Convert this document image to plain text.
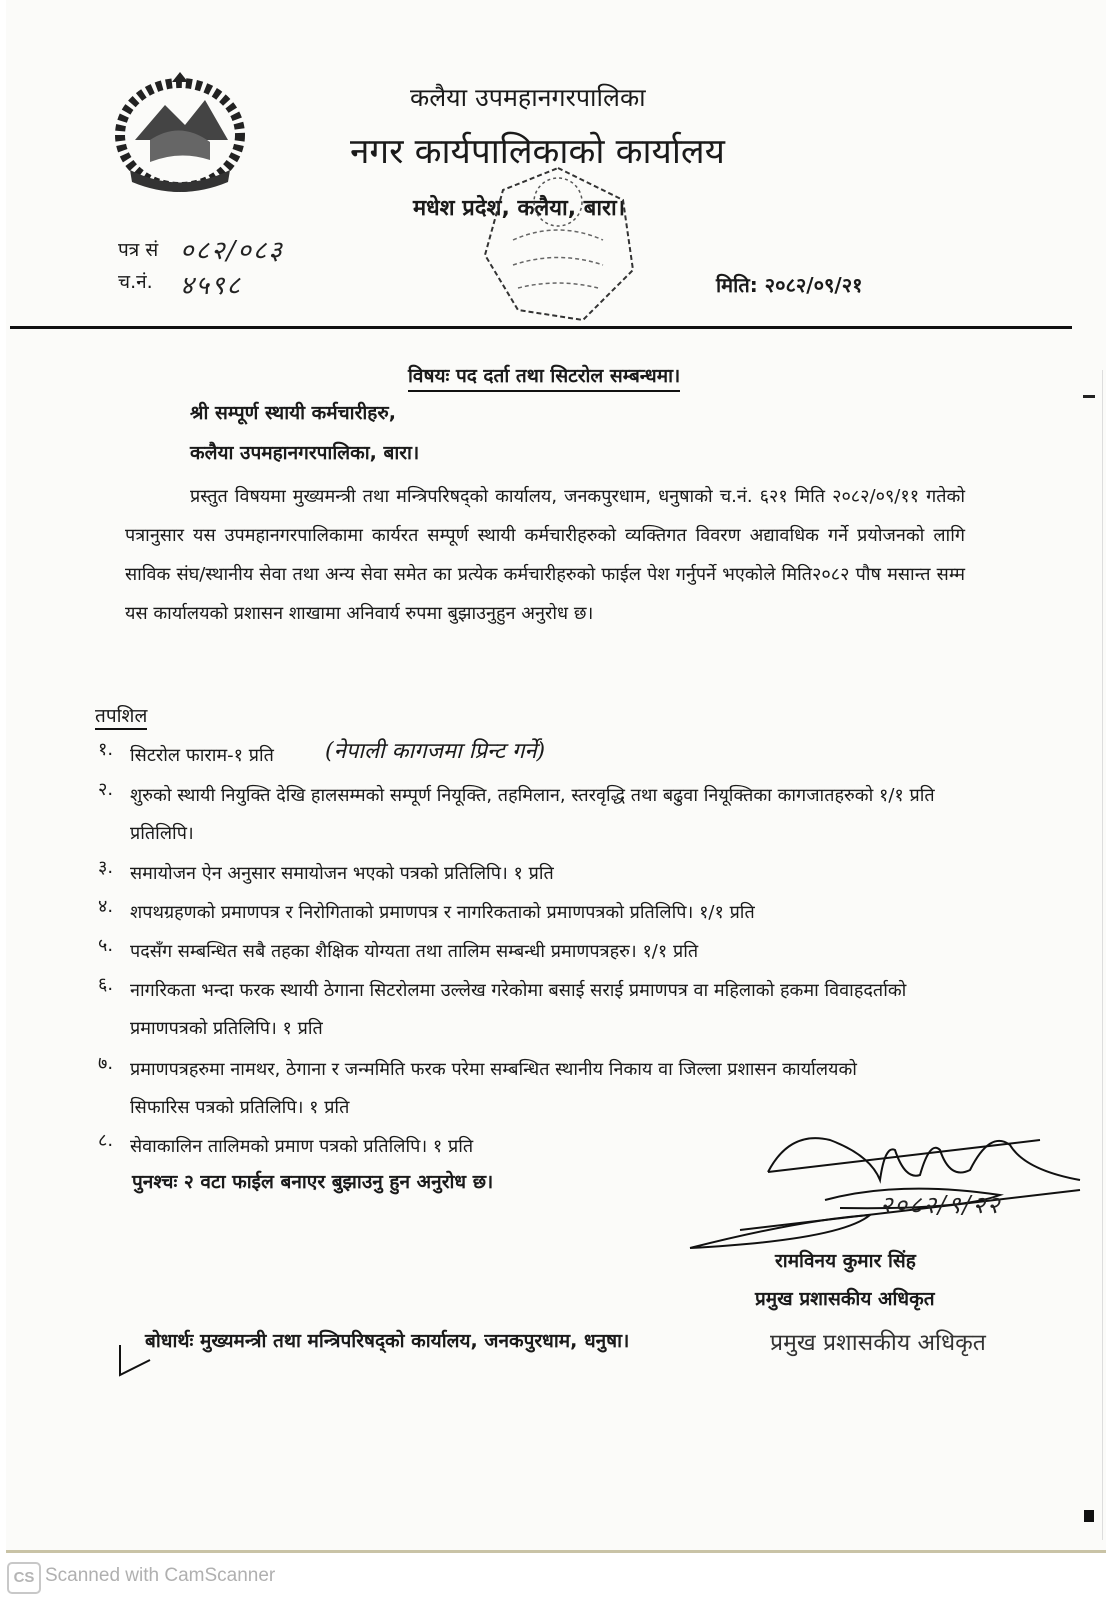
कलैया उपमहानगरपालिका
नगर कार्यपालिकाको कार्यालय
मधेश प्रदेश, कलैया, बारा।
पत्र सं ०८२/०८३
च.नं. ४५९८	मिति: २०८२/०९/२१
विषयः पद दर्ता तथा सिटरोल सम्बन्धमा।
श्री सम्पूर्ण स्थायी कर्मचारीहरु,
कलैया उपमहानगरपालिका, बारा।
प्रस्तुत विषयमा मुख्यमन्त्री तथा मन्त्रिपरिषद्को कार्यालय, जनकपुरधाम, धनुषाको च.नं. ६२१ मिति २०८२/०९/११ गतेको पत्रानुसार यस उपमहानगरपालिकामा कार्यरत सम्पूर्ण स्थायी कर्मचारीहरुको व्यक्तिगत विवरण अद्यावधिक गर्ने प्रयोजनको लागि साविक संघ/स्थानीय सेवा तथा अन्य सेवा समेत का प्रत्येक कर्मचारीहरुको फाईल पेश गर्नुपर्ने भएकोले मिति२०८२ पौष मसान्त सम्म यस कार्यालयको प्रशासन शाखामा अनिवार्य रुपमा बुझाउनुहुन अनुरोध छ।
तपशिल
१. सिटरोल फाराम-१ प्रति	(नेपाली कागजमा प्रिन्ट गर्ने)
२. शुरुको स्थायी नियुक्ति देखि हालसम्मको सम्पूर्ण नियूक्ति, तहमिलान, स्तरवृद्धि तथा बढुवा नियूक्तिका कागजातहरुको १/१ प्रति प्रतिलिपि।
३. समायोजन ऐन अनुसार समायोजन भएको पत्रको प्रतिलिपि। १ प्रति
४. शपथग्रहणको प्रमाणपत्र र निरोगिताको प्रमाणपत्र र नागरिकताको प्रमाणपत्रको प्रतिलिपि। १/१ प्रति
५. पदसँग सम्बन्धित सबै तहका शैक्षिक योग्यता तथा तालिम सम्बन्धी प्रमाणपत्रहरु। १/१ प्रति
६. नागरिकता भन्दा फरक स्थायी ठेगाना सिटरोलमा उल्लेख गरेकोमा बसाई सराई प्रमाणपत्र वा महिलाको हकमा विवाहदर्ताको प्रमाणपत्रको प्रतिलिपि। १ प्रति
७. प्रमाणपत्रहरुमा नामथर, ठेगाना र जन्ममिति फरक परेमा सम्बन्धित स्थानीय निकाय वा जिल्ला प्रशासन कार्यालयको सिफारिस पत्रको प्रतिलिपि। १ प्रति
८. सेवाकालिन तालिमको प्रमाण पत्रको प्रतिलिपि। १ प्रति
पुनश्चः २ वटा फाईल बनाएर बुझाउनु हुन अनुरोध छ।
२०८२/९/२२
रामविनय कुमार सिंह
प्रमुख प्रशासकीय अधिकृत
बोधार्थः मुख्यमन्त्री तथा मन्त्रिपरिषद्को कार्यालय, जनकपुरधाम, धनुषा।	प्रमुख प्रशासकीय अधिकृत
CS Scanned with CamScanner
